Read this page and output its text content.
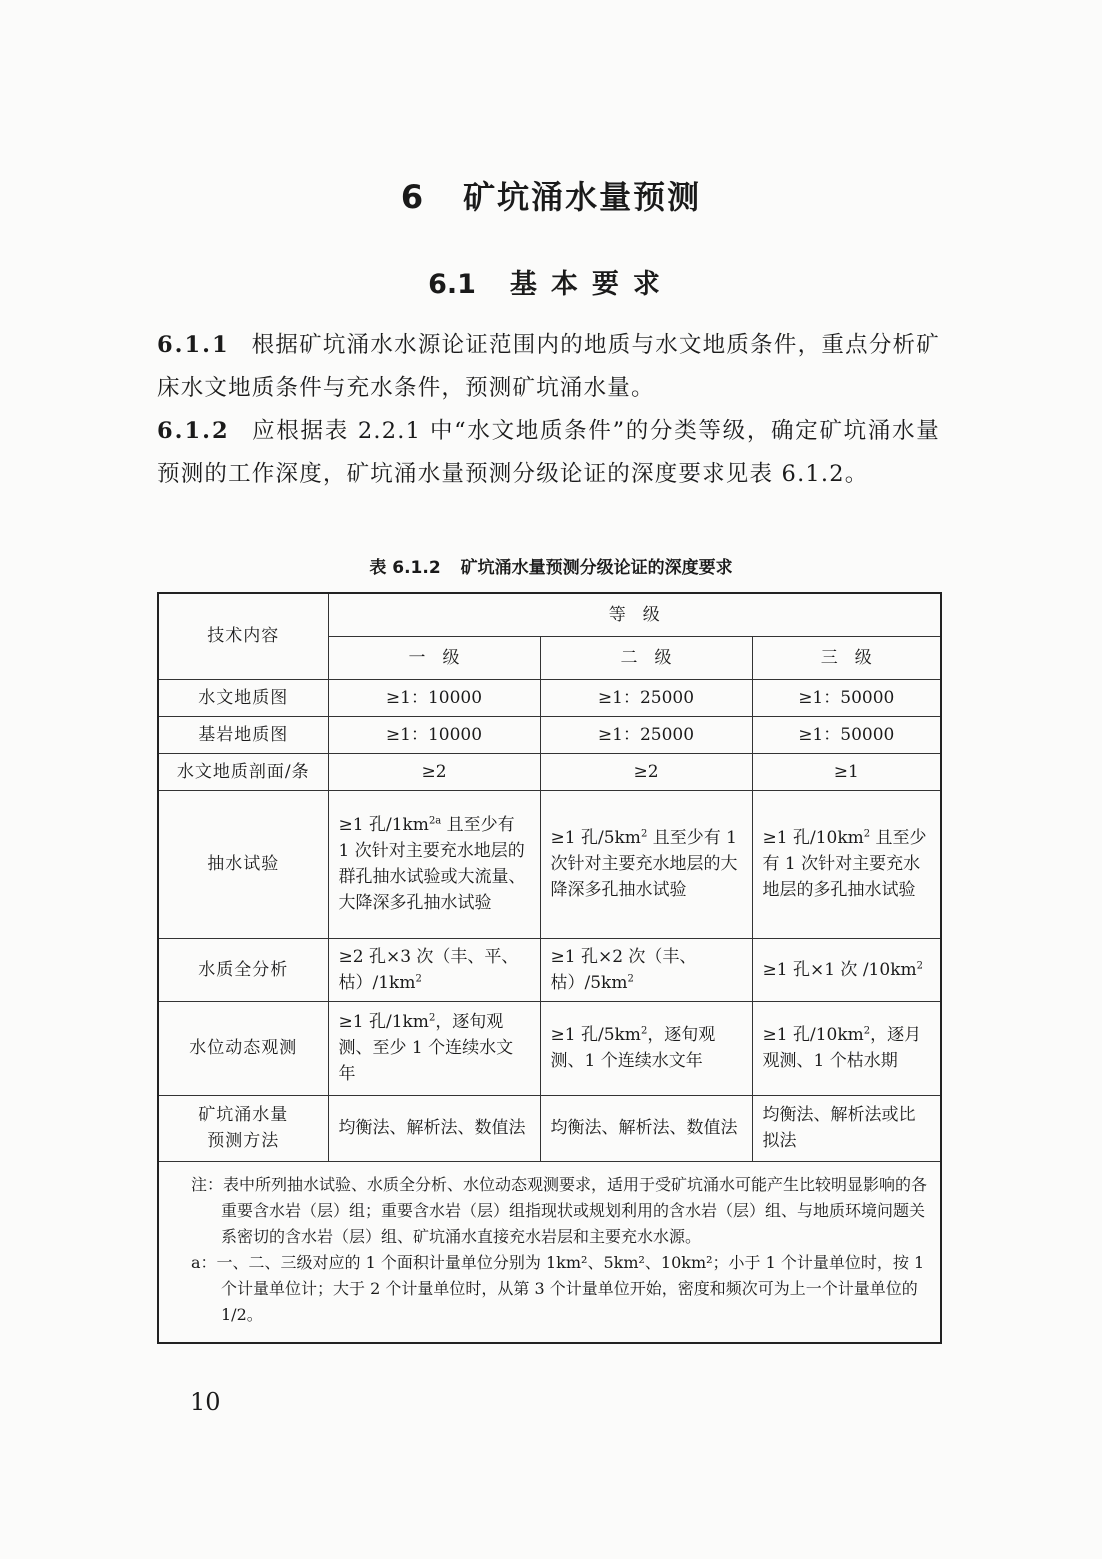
6 矿坑涌水量预测
6.1 基本要求

6.1.1 根据矿坑涌水水源论证范围内的地质与水文地质条件，重点分析矿床水文地质条件与充水条件，预测矿坑涌水量。

6.1.2 应根据表 2.2.1 中“水文地质条件”的分类等级，确定矿坑涌水量预测的工作深度，矿坑涌水量预测分级论证的深度要求见表 6.1.2。

表 6.1.2 矿坑涌水量预测分级论证的深度要求
技术内容	等　级		
	一　级	二　级	三　级
水文地质图	≥1：10000	≥1：25000	≥1：50000
基岩地质图	≥1：10000	≥1：25000	≥1：50000
水文地质剖面/条	≥2	≥2	≥1
抽水试验	≥1 孔$/1km^{2a}$ 且至少有 1 次针对主要充水地层的群孔抽水试验或大流量、大降深多孔抽水试验	≥1 孔$/5km^2$ 且至少有 1 次针对主要充水地层的大降深多孔抽水试验	≥1 孔$/10km^2$ 且至少有 1 次针对主要充水地层的多孔抽水试验
水质全分析	≥2 孔×3 次（丰、平、枯）$/1km^2$	≥1 孔×2 次（丰、枯）$/5km^2$	≥1 孔×1 次 $/10km^2$
水位动态观测	≥1 孔$/1km^2$，逐旬观测、至少 1 个连续水文年	≥1 孔$/5km^2$，逐旬观测、1 个连续水文年	≥1 孔$/10km^2$，逐月观测、1 个枯水期
矿坑涌水量
预测方法	均衡法、解析法、数值法	均衡法、解析法、数值法	均衡法、解析法或比拟法

注：表中所列抽水试验、水质全分析、水位动态观测要求，适用于受矿坑涌水可能产生比较明显影响的各重要含水岩（层）组；重要含水岩（层）组指现状或规划利用的含水岩（层）组、与地质环境问题关系密切的含水岩（层）组、矿坑涌水直接充水岩层和主要充水水源。
a：一、二、三级对应的 1 个面积计量单位分别为 1km²、5km²、10km²；小于 1 个计量单位时，按 1 个计量单位计；大于 2 个计量单位时，从第 3 个计量单位开始，密度和频次可为上一个计量单位的 1/2。			
10
